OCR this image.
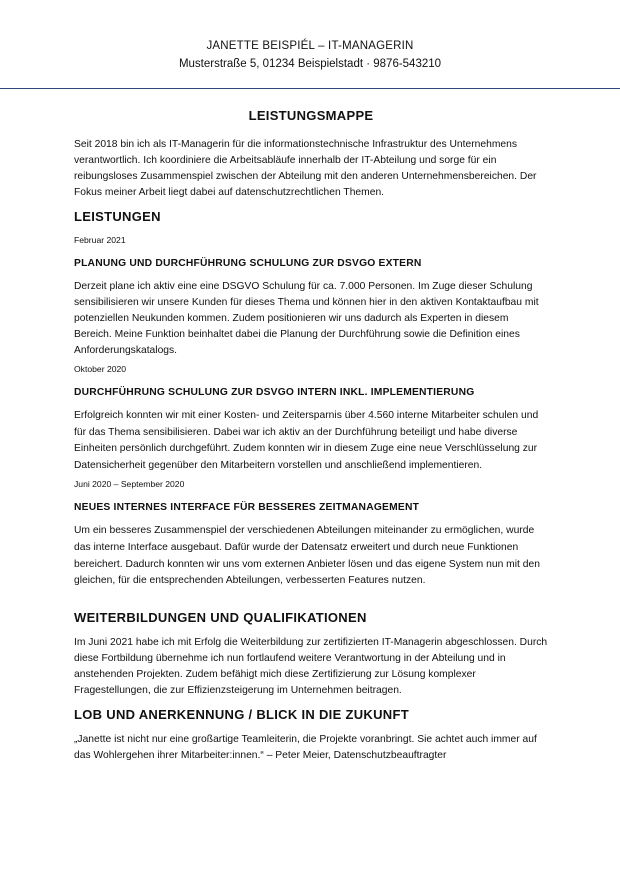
JANETTE BEISPIÉL – IT-MANAGERIN
Musterstraße 5, 01234 Beispielstadt · 9876-543210
LEISTUNGSMAPPE

Seit 2018 bin ich als IT-Managerin für die informationstechnische Infrastruktur des Unternehmens verantwortlich. Ich koordiniere die Arbeitsabläufe innerhalb der IT-Abteilung und sorge für ein reibungsloses Zusammenspiel zwischen der Abteilung mit den anderen Unternehmensbereichen. Der Fokus meiner Arbeit liegt dabei auf datenschutzrechtlichen Themen.

LEISTUNGEN
Februar 2021
PLANUNG UND DURCHFÜHRUNG SCHULUNG ZUR DSVGO EXTERN

Derzeit plane ich aktiv eine eine DSGVO Schulung für ca. 7.000 Personen. Im Zuge dieser Schulung sensibilisieren wir unsere Kunden für dieses Thema und können hier in den aktiven Kontaktaufbau mit potenziellen Neukunden kommen. Zudem positionieren wir uns dadurch als Experten in diesem Bereich. Meine Funktion beinhaltet dabei die Planung der Durchführung sowie die Definition eines Anforderungskatalogs.

Oktober 2020
DURCHFÜHRUNG SCHULUNG ZUR DSVGO INTERN INKL. IMPLEMENTIERUNG

Erfolgreich konnten wir mit einer Kosten- und Zeitersparnis über 4.560 interne Mitarbeiter schulen und für das Thema sensibilisieren. Dabei war ich aktiv an der Durchführung beteiligt und habe diverse Einheiten persönlich durchgeführt. Zudem konnten wir in diesem Zuge eine neue Verschlüsselung zur Datensicherheit gegenüber den Mitarbeitern vorstellen und anschließend implementieren.

Juni 2020 – September 2020
NEUES INTERNES INTERFACE FÜR BESSERES ZEITMANAGEMENT

Um ein besseres Zusammenspiel der verschiedenen Abteilungen miteinander zu ermöglichen, wurde das interne Interface ausgebaut. Dafür wurde der Datensatz erweitert und durch neue Funktionen bereichert. Dadurch konnten wir uns vom externen Anbieter lösen und das eigene System nun mit den gleichen, für die entsprechenden Abteilungen, verbesserten Features nutzen.

WEITERBILDUNGEN UND QUALIFIKATIONEN

Im Juni 2021 habe ich mit Erfolg die Weiterbildung zur zertifizierten IT-Managerin abgeschlossen. Durch diese Fortbildung übernehme ich nun fortlaufend weitere Verantwortung in der Abteilung und in anstehenden Projekten. Zudem befähigt mich diese Zertifizierung zur Lösung komplexer Fragestellungen, die zur Effizienzsteigerung im Unternehmen beitragen.

LOB UND ANERKENNUNG / BLICK IN DIE ZUKUNFT

„Janette ist nicht nur eine großartige Teamleiterin, die Projekte voranbringt. Sie achtet auch immer auf das Wohlergehen ihrer Mitarbeiter:innen.“ – Peter Meier, Datenschutzbeauftragter
